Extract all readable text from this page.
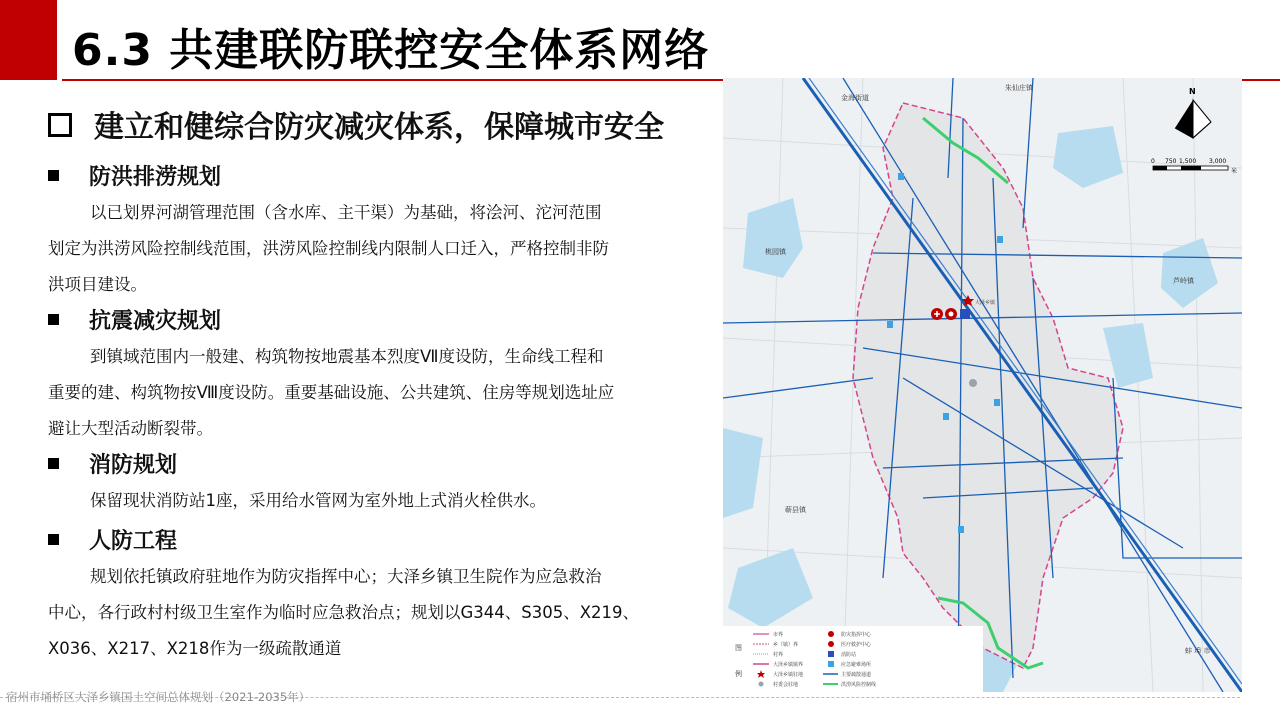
6.3 共建联防联控安全体系网络
建立和健综合防灾减灾体系，保障城市安全
防洪排涝规划
以已划界河湖管理范围（含水库、主干渠）为基础，将浍河、沱河范围
划定为洪涝风险控制线范围，洪涝风险控制线内限制人口迁入，严格控制非防
洪项目建设。
抗震减灾规划
到镇域范围内一般建、构筑物按地震基本烈度Ⅶ度设防，生命线工程和
重要的建、构筑物按Ⅷ度设防。重要基础设施、公共建筑、住房等规划选址应
避让大型活动断裂带。
消防规划
保留现状消防站1座，采用给水管网为室外地上式消火栓供水。
人防工程
规划依托镇政府驻地作为防灾指挥中心；大泽乡镇卫生院作为应急救治
中心，各行政村村级卫生室作为临时应急救治点；规划以G344、S305、X219、
X036、X217、X218作为一级疏散通道
宿州市埇桥区大泽乡镇国土空间总体规划（2021-2035年）
金海街道
朱仙庄镇
桃园镇
芦岭镇
蕲县镇
蚌 埠 市
大泽乡镇
N
0 750 1,500 3,000
米
图
例
市界
乡（镇）界
村界
大泽乡镇镇界
大泽乡镇驻地
村委会驻地
防灾指挥中心
医疗救护中心
消防站
应急避难场所
主要疏散通道
洪涝风险控制线
